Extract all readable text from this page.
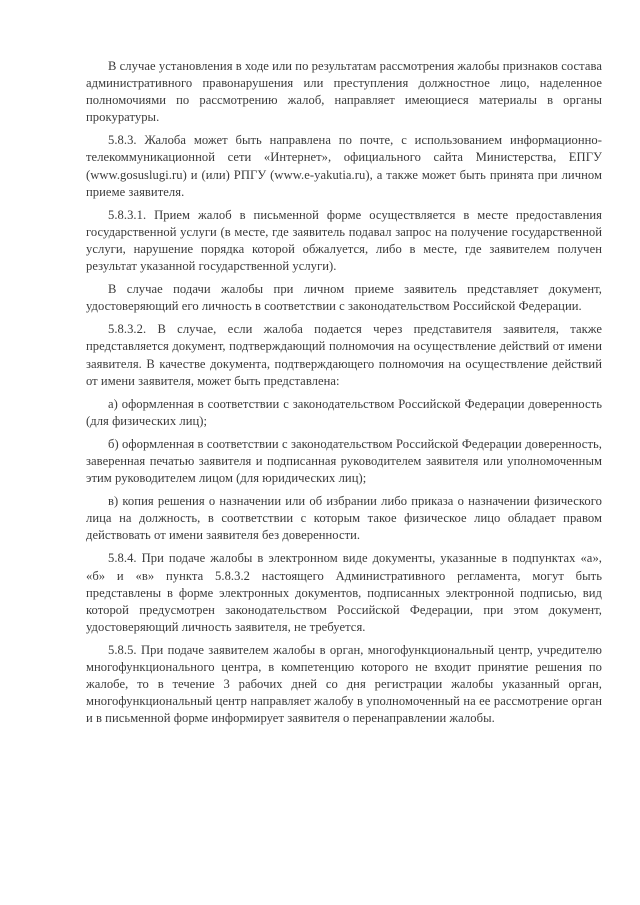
В случае установления в ходе или по результатам рассмотрения жалобы признаков состава административного правонарушения или преступления должностное лицо, наделенное полномочиями по рассмотрению жалоб, направляет имеющиеся материалы в органы прокуратуры.

5.8.3. Жалоба может быть направлена по почте, с использованием информационно-телекоммуникационной сети «Интернет», официального сайта Министерства, ЕПГУ (www.gosuslugi.ru) и (или) РПГУ (www.e-yakutia.ru), а также может быть принята при личном приеме заявителя.

5.8.3.1. Прием жалоб в письменной форме осуществляется в месте предоставления государственной услуги (в месте, где заявитель подавал запрос на получение государственной услуги, нарушение порядка которой обжалуется, либо в месте, где заявителем получен результат указанной государственной услуги).

В случае подачи жалобы при личном приеме заявитель представляет документ, удостоверяющий его личность в соответствии с законодательством Российской Федерации.

5.8.3.2. В случае, если жалоба подается через представителя заявителя, также представляется документ, подтверждающий полномочия на осуществление действий от имени заявителя. В качестве документа, подтверждающего полномочия на осуществление действий от имени заявителя, может быть представлена:

а) оформленная в соответствии с законодательством Российской Федерации доверенность (для физических лиц);

б) оформленная в соответствии с законодательством Российской Федерации доверенность, заверенная печатью заявителя и подписанная руководителем заявителя или уполномоченным этим руководителем лицом (для юридических лиц);

в) копия решения о назначении или об избрании либо приказа о назначении физического лица на должность, в соответствии с которым такое физическое лицо обладает правом действовать от имени заявителя без доверенности.

5.8.4. При подаче жалобы в электронном виде документы, указанные в подпунктах «а», «б» и «в» пункта 5.8.3.2 настоящего Административного регламента, могут быть представлены в форме электронных документов, подписанных электронной подписью, вид которой предусмотрен законодательством Российской Федерации, при этом документ, удостоверяющий личность заявителя, не требуется.

5.8.5. При подаче заявителем жалобы в орган, многофункциональный центр, учредителю многофункционального центра, в компетенцию которого не входит принятие решения по жалобе, то в течение 3 рабочих дней со дня регистрации жалобы указанный орган, многофункциональный центр направляет жалобу в уполномоченный на ее рассмотрение орган и в письменной форме информирует заявителя о перенаправлении жалобы.
